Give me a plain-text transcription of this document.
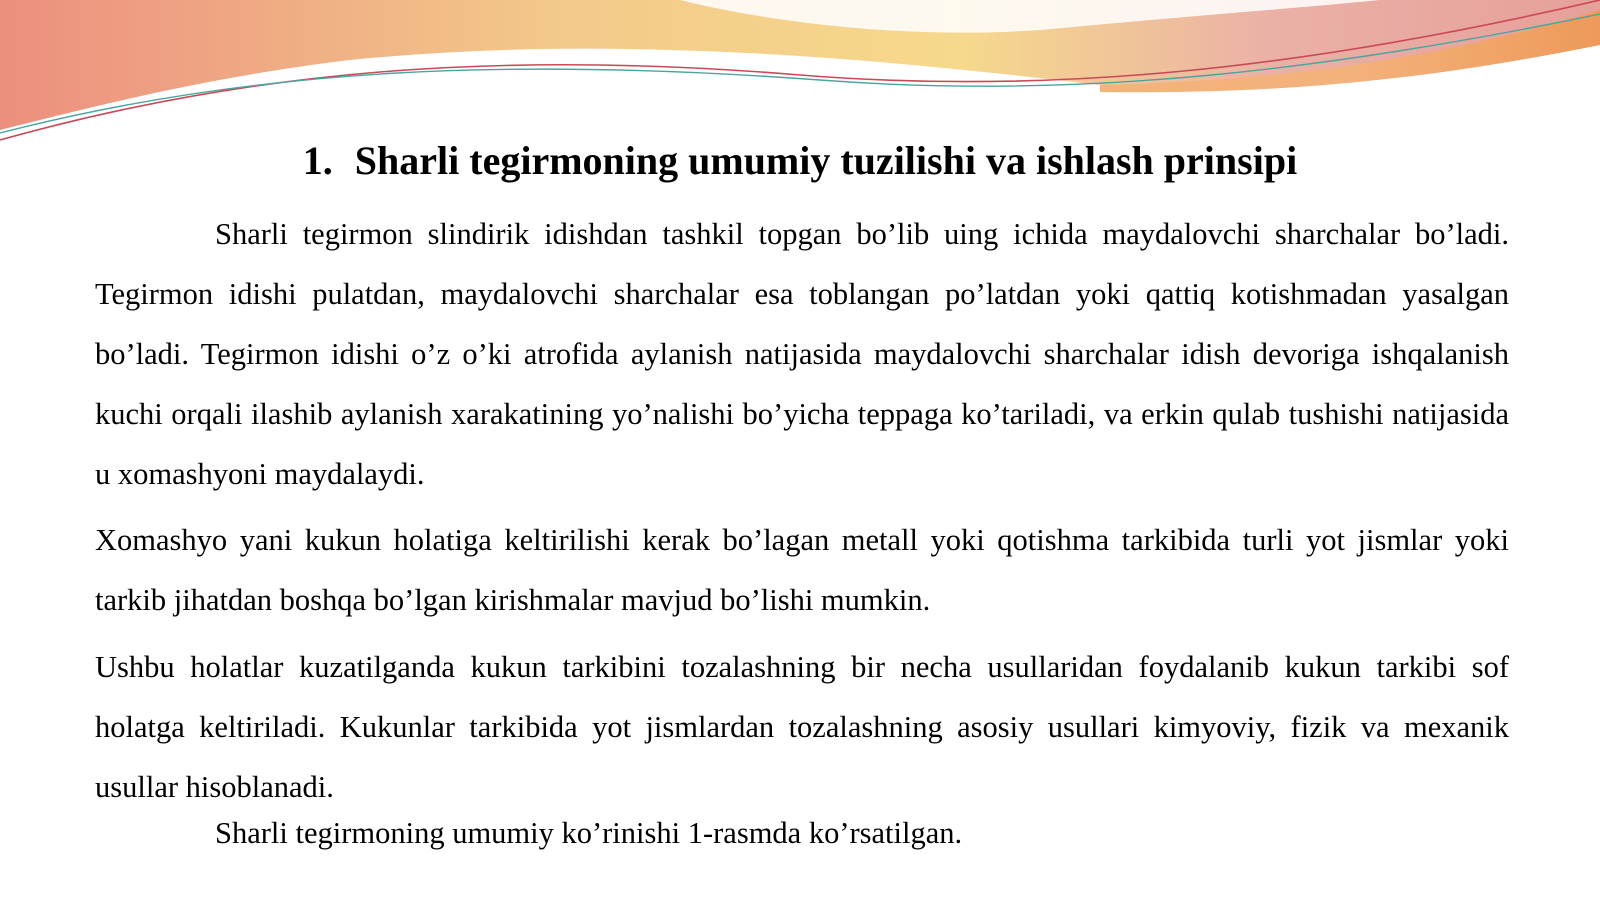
1. Sharli tegirmoning umumiy tuzilishi va ishlash prinsipi

Sharli tegirmon slindirik idishdan tashkil topgan bo’lib uing ichida maydalovchi sharchalar bo’ladi. Tegirmon idishi pulatdan, maydalovchi sharchalar esa toblangan po’latdan yoki qattiq kotishmadan yasalgan bo’ladi. Tegirmon idishi o’z o’ki atrofida aylanish natijasida maydalovchi sharchalar idish devoriga ishqalanish kuchi orqali ilashib aylanish xarakatining yo’nalishi bo’yicha teppaga ko’tariladi, va erkin qulab tushishi natijasida u xomashyoni maydalaydi.

Xomashyo yani kukun holatiga keltirilishi kerak bo’lagan metall yoki qotishma tarkibida turli yot jismlar yoki tarkib jihatdan boshqa bo’lgan kirishmalar mavjud bo’lishi mumkin.

Ushbu holatlar kuzatilganda kukun tarkibini tozalashning bir necha usullaridan foydalanib kukun tarkibi sof holatga keltiriladi. Kukunlar tarkibida yot jismlardan tozalashning asosiy usullari kimyoviy, fizik va mexanik usullar hisoblanadi.

Sharli tegirmoning umumiy ko’rinishi 1-rasmda ko’rsatilgan.
